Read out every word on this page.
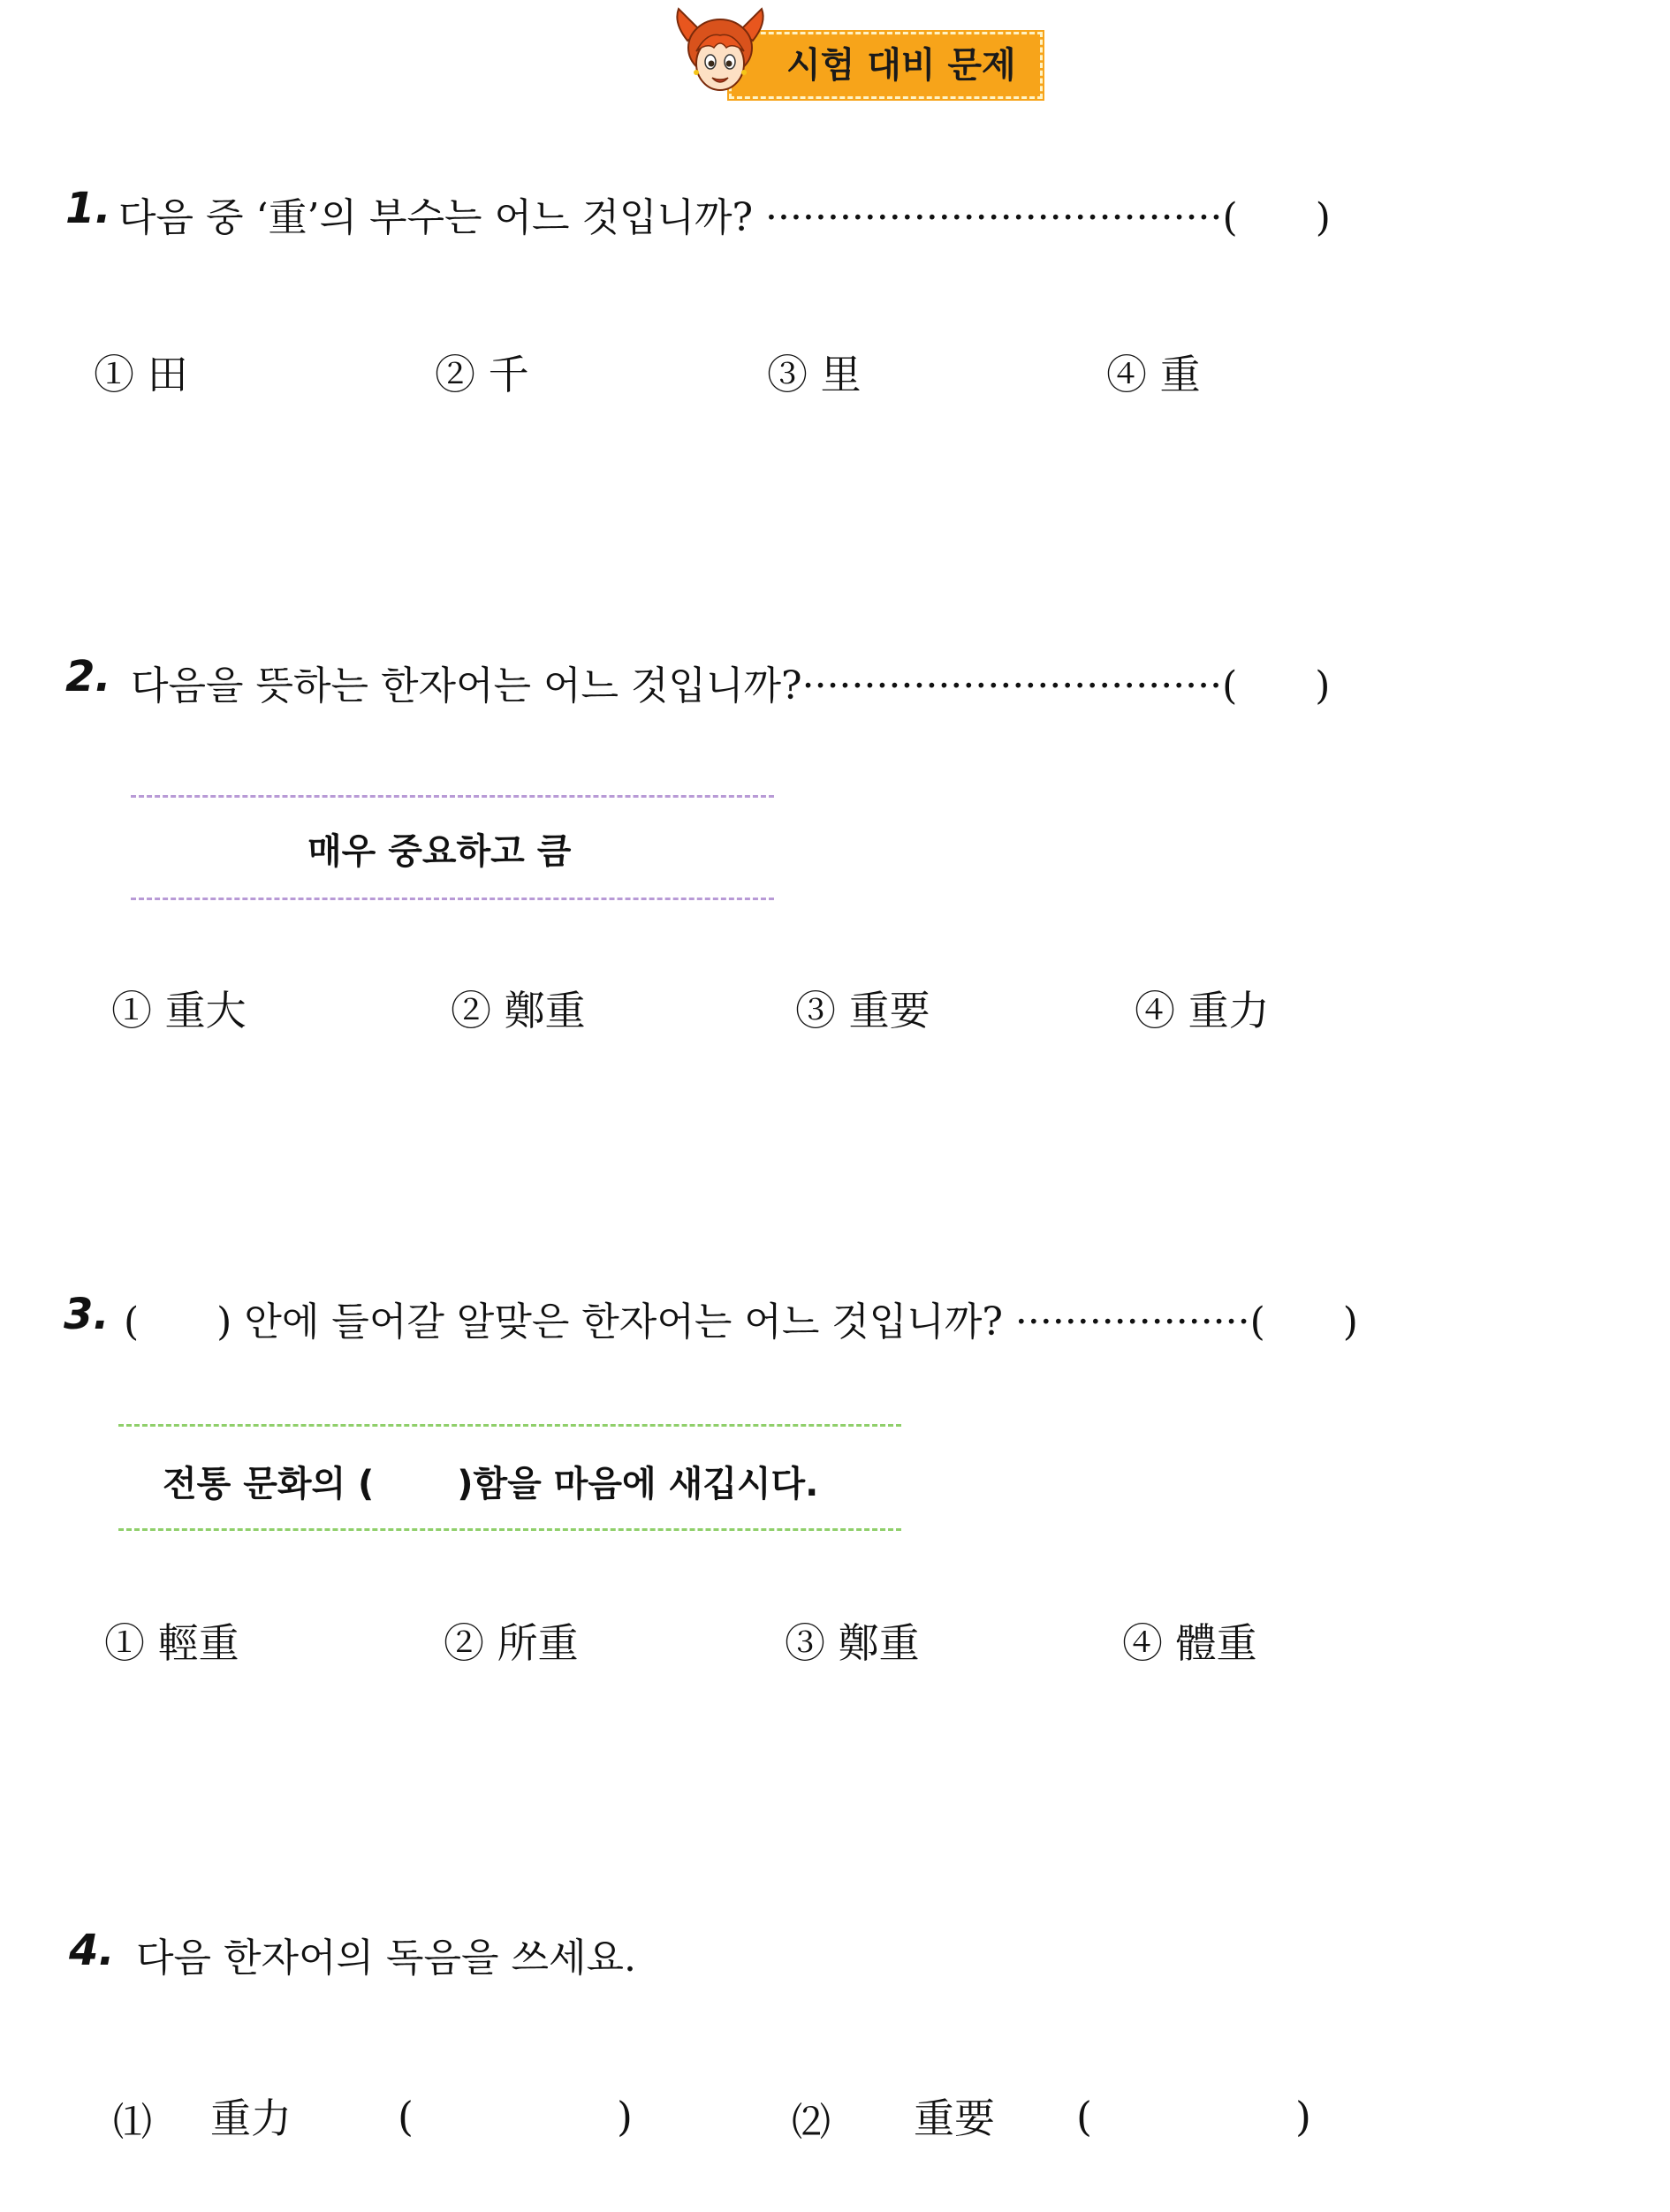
시험 대비 문제
1. 다음 중 ‘重’의 부수는 어느 것입니까? ·····································(　　)
① 田	② 千	③ 里	④ 重
2. 다음을 뜻하는 한자어는 어느 것입니까?··································(　　)
매우 중요하고 큼
① 重大	② 鄭重	③ 重要	④ 重力
3. (　　) 안에 들어갈 알맞은 한자어는 어느 것입니까? ···················(　　)
전통 문화의 (　　 )함을 마음에 새깁시다.
① 輕重	② 所重	③ 鄭重	④ 體重
4. 다음 한자어의 독음을 쓰세요.
⑴ 重力	(　　　　　)	⑵ 重要 (　　　　　)
